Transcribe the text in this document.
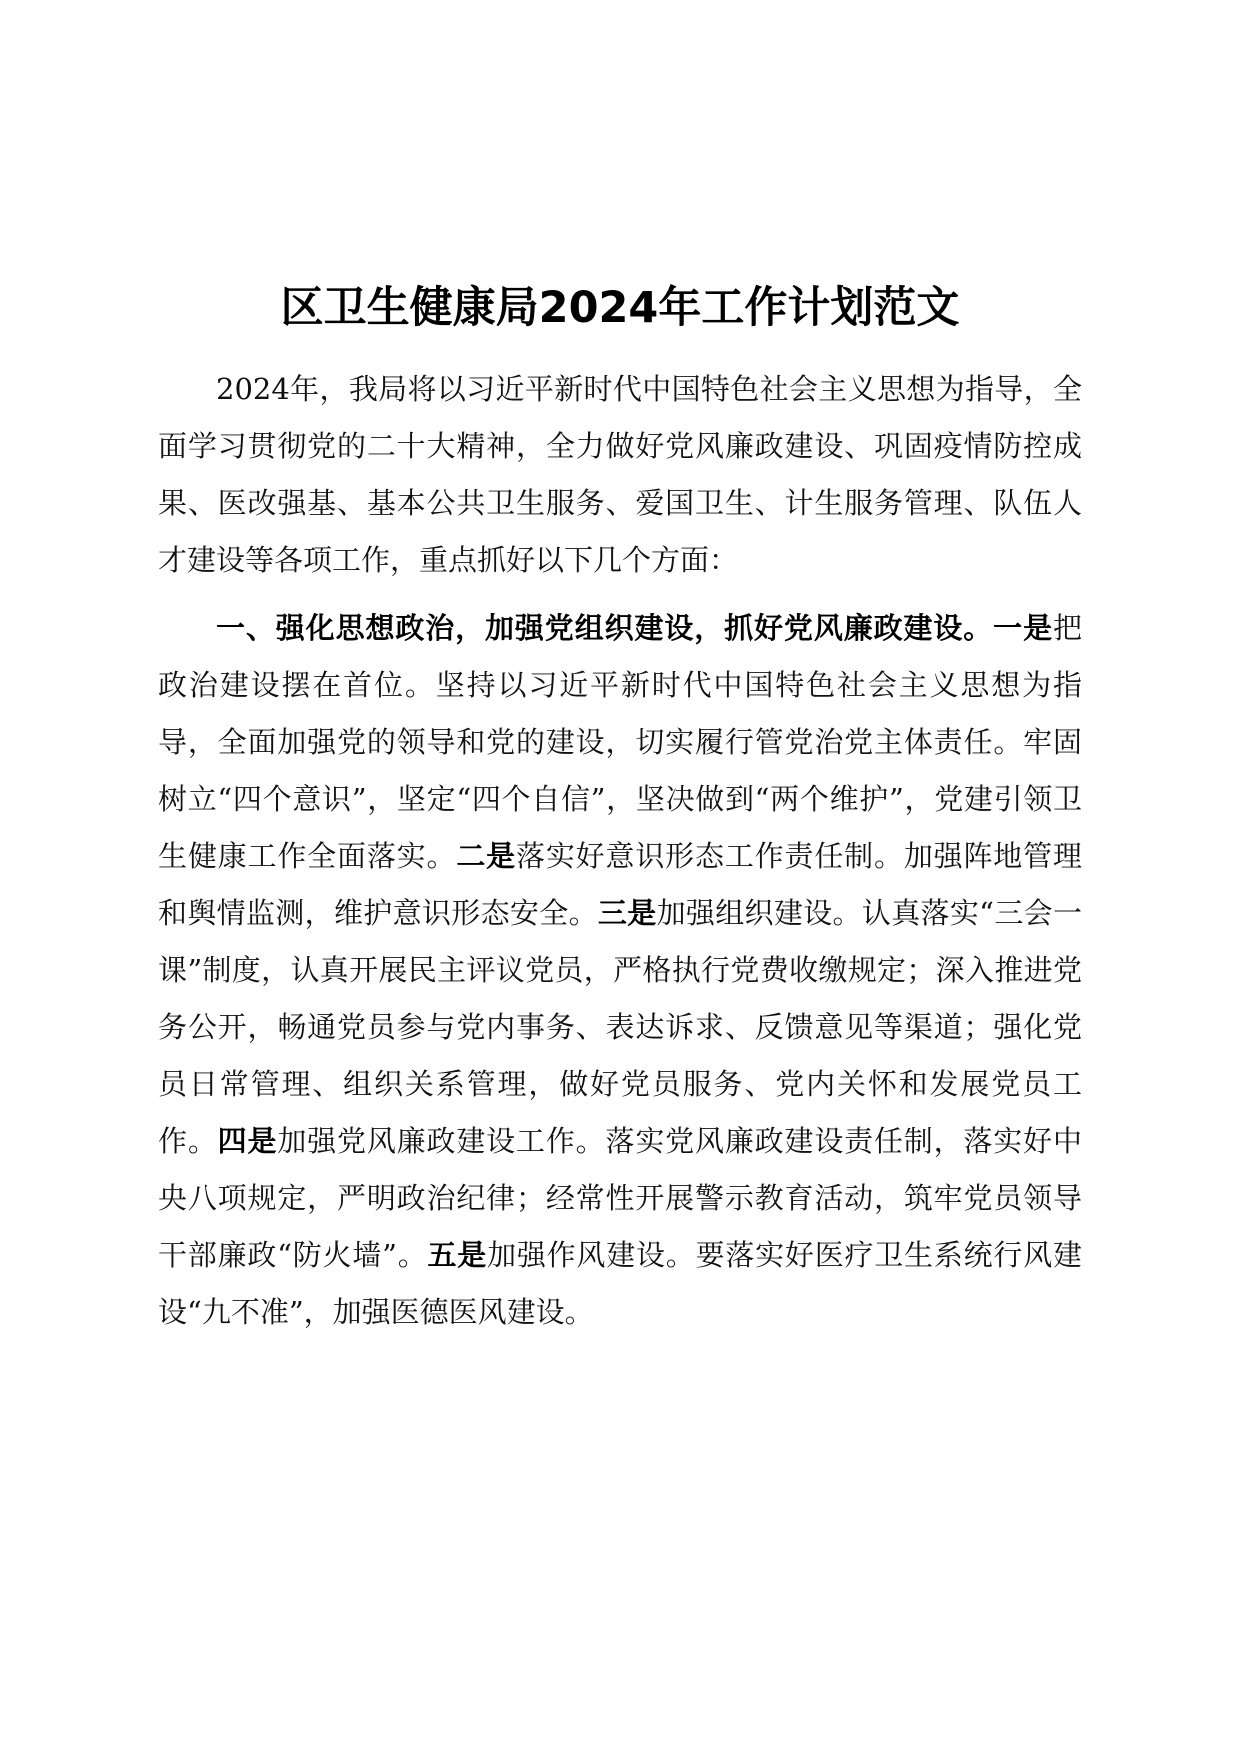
区卫生健康局2024年工作计划范文

2024年，我局将以习近平新时代中国特色社会主义思想为指导，全面学习贯彻党的二十大精神，全力做好党风廉政建设、巩固疫情防控成果、医改强基、基本公共卫生服务、爱国卫生、计生服务管理、队伍人才建设等各项工作，重点抓好以下几个方面：

一、强化思想政治，加强党组织建设，抓好党风廉政建设。一是把政治建设摆在首位。坚持以习近平新时代中国特色社会主义思想为指导，全面加强党的领导和党的建设，切实履行管党治党主体责任。牢固树立“四个意识”，坚定“四个自信”，坚决做到“两个维护”，党建引领卫生健康工作全面落实。二是落实好意识形态工作责任制。加强阵地管理和舆情监测，维护意识形态安全。三是加强组织建设。认真落实“三会一课”制度，认真开展民主评议党员，严格执行党费收缴规定；深入推进党务公开，畅通党员参与党内事务、表达诉求、反馈意见等渠道；强化党员日常管理、组织关系管理，做好党员服务、党内关怀和发展党员工作。四是加强党风廉政建设工作。落实党风廉政建设责任制，落实好中央八项规定，严明政治纪律；经常性开展警示教育活动，筑牢党员领导干部廉政“防火墙”。五是加强作风建设。要落实好医疗卫生系统行风建设“九不准”，加强医德医风建设。
